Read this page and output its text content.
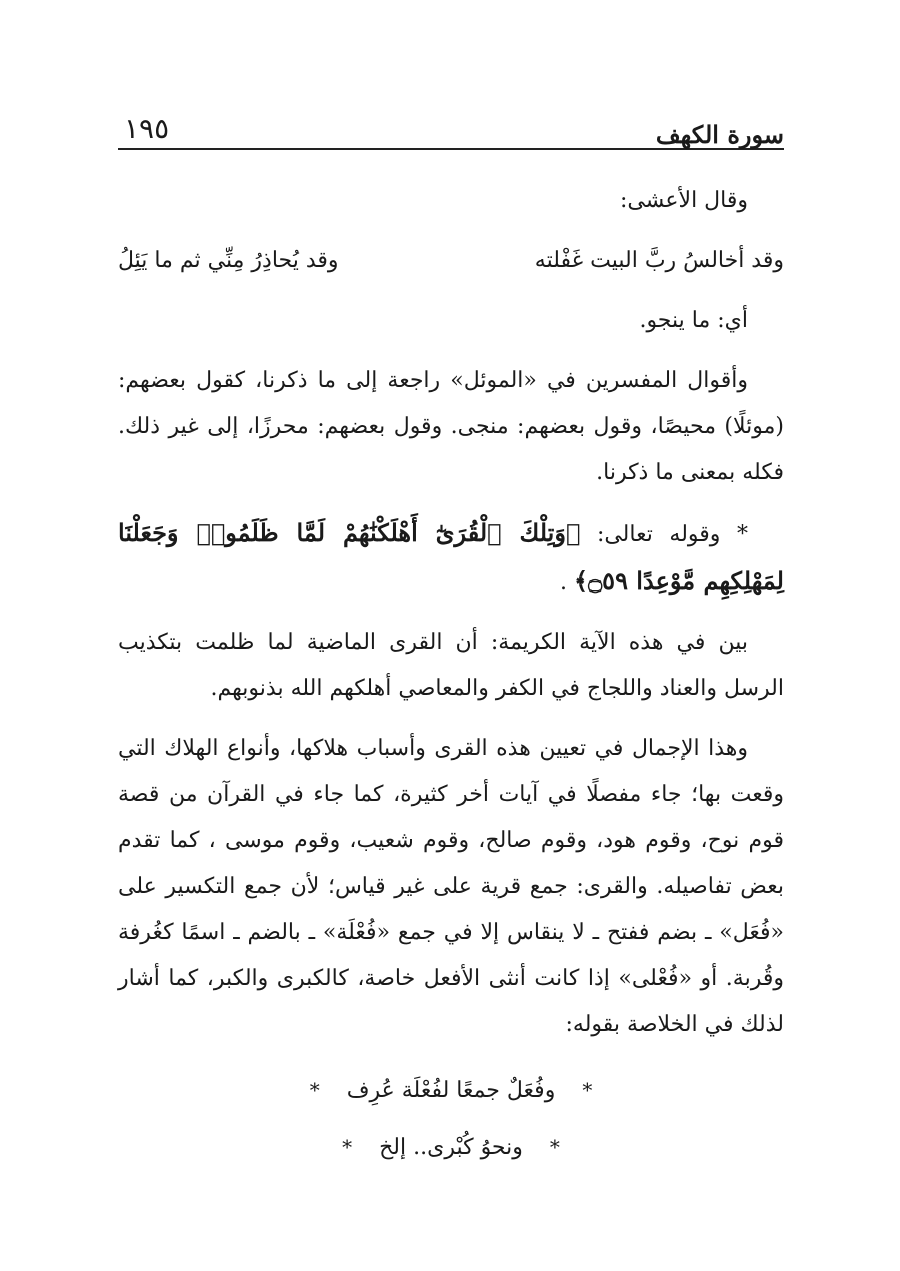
سورة الكهف
١٩٥

وقال الأعشى:

وقد أخالسُ ربَّ البيت غَفْلته
وقد يُحاذِرُ مِنِّي ثم ما يَئِلُ

أي: ما ينجو.

وأقوال المفسرين في «الموئل» راجعة إلى ما ذكرنا، كقول بعضهم: (موئلًا) محيصًا، وقول بعضهم: منجى. وقول بعضهم: محرزًا، إلى غير ذلك. فكله بمعنى ما ذكرنا.

* وقوله تعالى: ﴿وَتِلْكَ ٱلْقُرَىٰٓ أَهْلَكْنَٰهُمْ لَمَّا ظَلَمُوا۟ وَجَعَلْنَا لِمَهْلِكِهِم مَّوْعِدًا ۝٥٩﴾ .

بين في هذه الآية الكريمة: أن القرى الماضية لما ظلمت بتكذيب الرسل والعناد واللجاج في الكفر والمعاصي أهلكهم الله بذنوبهم.

وهذا الإجمال في تعيين هذه القرى وأسباب هلاكها، وأنواع الهلاك التي وقعت بها؛ جاء مفصلًا في آيات أخر كثيرة، كما جاء في القرآن من قصة قوم نوح، وقوم هود، وقوم صالح، وقوم شعيب، وقوم موسى ، كما تقدم بعض تفاصيله. والقرى: جمع قرية على غير قياس؛ لأن جمع التكسير على «فُعَل» ـ بضم ففتح ـ لا ينقاس إلا في جمع «فُعْلَة» ـ بالضم ـ اسمًا كغُرفة وقُربة. أو «فُعْلى» إذا كانت أنثى الأفعل خاصة، كالكبرى والكبر، كما أشار لذلك في الخلاصة بقوله:

* وفُعَلٌ جمعًا لفُعْلَة عُرِف *
* ونحوُ كُبْرى.. إلخ *
